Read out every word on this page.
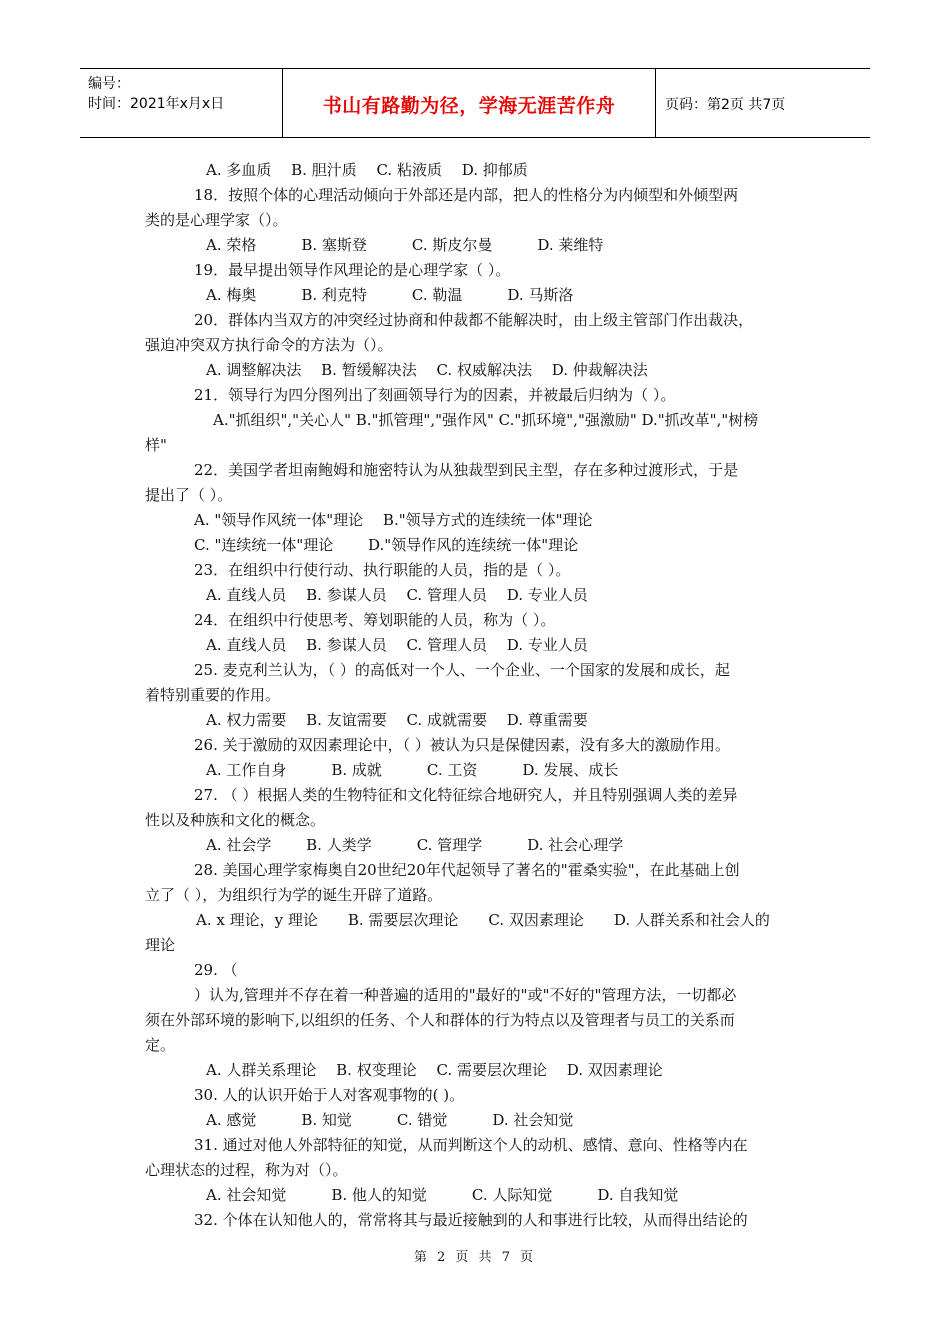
编号：
时间：2021年x月x日	书山有路勤为径，学海无涯苦作舟	页码：第2页 共7页
A. 多血质　 B. 胆汁质　 C. 粘液质　 D. 抑郁质
18．按照个体的心理活动倾向于外部还是内部，把人的性格分为内倾型和外倾型两
类的是心理学家（）。
A. 荣格　　　B. 塞斯登　　　C. 斯皮尔曼　　　D. 莱维特
19．最早提出领导作风理论的是心理学家（ ）。
A. 梅奥　　　B. 利克特　　　C. 勒温　　　D. 马斯洛
20．群体内当双方的冲突经过协商和仲裁都不能解决时，由上级主管部门作出裁决，
强迫冲突双方执行命令的方法为（）。
A. 调整解决法　 B. 暂缓解决法　 C. 权威解决法　 D. 仲裁解决法
21．领导行为四分图列出了刻画领导行为的因素，并被最后归纳为（ ）。
A."抓组织","关心人" B."抓管理","强作风" C."抓环境","强激励" D."抓改革","树榜
样"
22．美国学者坦南鲍姆和施密特认为从独裁型到民主型，存在多种过渡形式，于是
提出了（ ）。
A. "领导作风统一体"理论　 B."领导方式的连续统一体"理论
C. "连续统一体"理论　　 D."领导作风的连续统一体"理论
23．在组织中行使行动、执行职能的人员，指的是（ ）。
A. 直线人员　 B. 参谋人员　 C. 管理人员　 D. 专业人员
24．在组织中行使思考、筹划职能的人员，称为（ ）。
A. 直线人员　 B. 参谋人员　 C. 管理人员　 D. 专业人员
25. 麦克利兰认为，（ ）的高低对一个人、一个企业、一个国家的发展和成长，起
着特别重要的作用。
A. 权力需要　 B. 友谊需要　 C. 成就需要　 D. 尊重需要
26. 关于激励的双因素理论中，（ ）被认为只是保健因素，没有多大的激励作用。
A. 工作自身　　　B. 成就　　　C. 工资　　　D. 发展、成长
27. （ ）根据人类的生物特征和文化特征综合地研究人，并且特别强调人类的差异
性以及种族和文化的概念。
A. 社会学　　 B. 人类学　　　C. 管理学　　　D. 社会心理学
28. 美国心理学家梅奥自20世纪20年代起领导了著名的"霍桑实验"，在此基础上创
立了（ ），为组织行为学的诞生开辟了道路。
A. x 理论，y 理论　　B. 需要层次理论　　C. 双因素理论　　D. 人群关系和社会人的
理论
29. （
）认为,管理并不存在着一种普遍的适用的"最好的"或"不好的"管理方法，一切都必
须在外部环境的影响下,以组织的任务、个人和群体的行为特点以及管理者与员工的关系而
定。
A. 人群关系理论　 B. 权变理论　 C. 需要层次理论　 D. 双因素理论
30. 人的认识开始于人对客观事物的( )。
A. 感觉　　　B. 知觉　　　C. 错觉　　　D. 社会知觉
31. 通过对他人外部特征的知觉，从而判断这个人的动机、感情、意向、性格等内在
心理状态的过程，称为对（）。
A. 社会知觉　　　B. 他人的知觉　　　C. 人际知觉　　　D. 自我知觉
32. 个体在认知他人的，常常将其与最近接触到的人和事进行比较，从而得出结论的
第 2 页 共 7 页
